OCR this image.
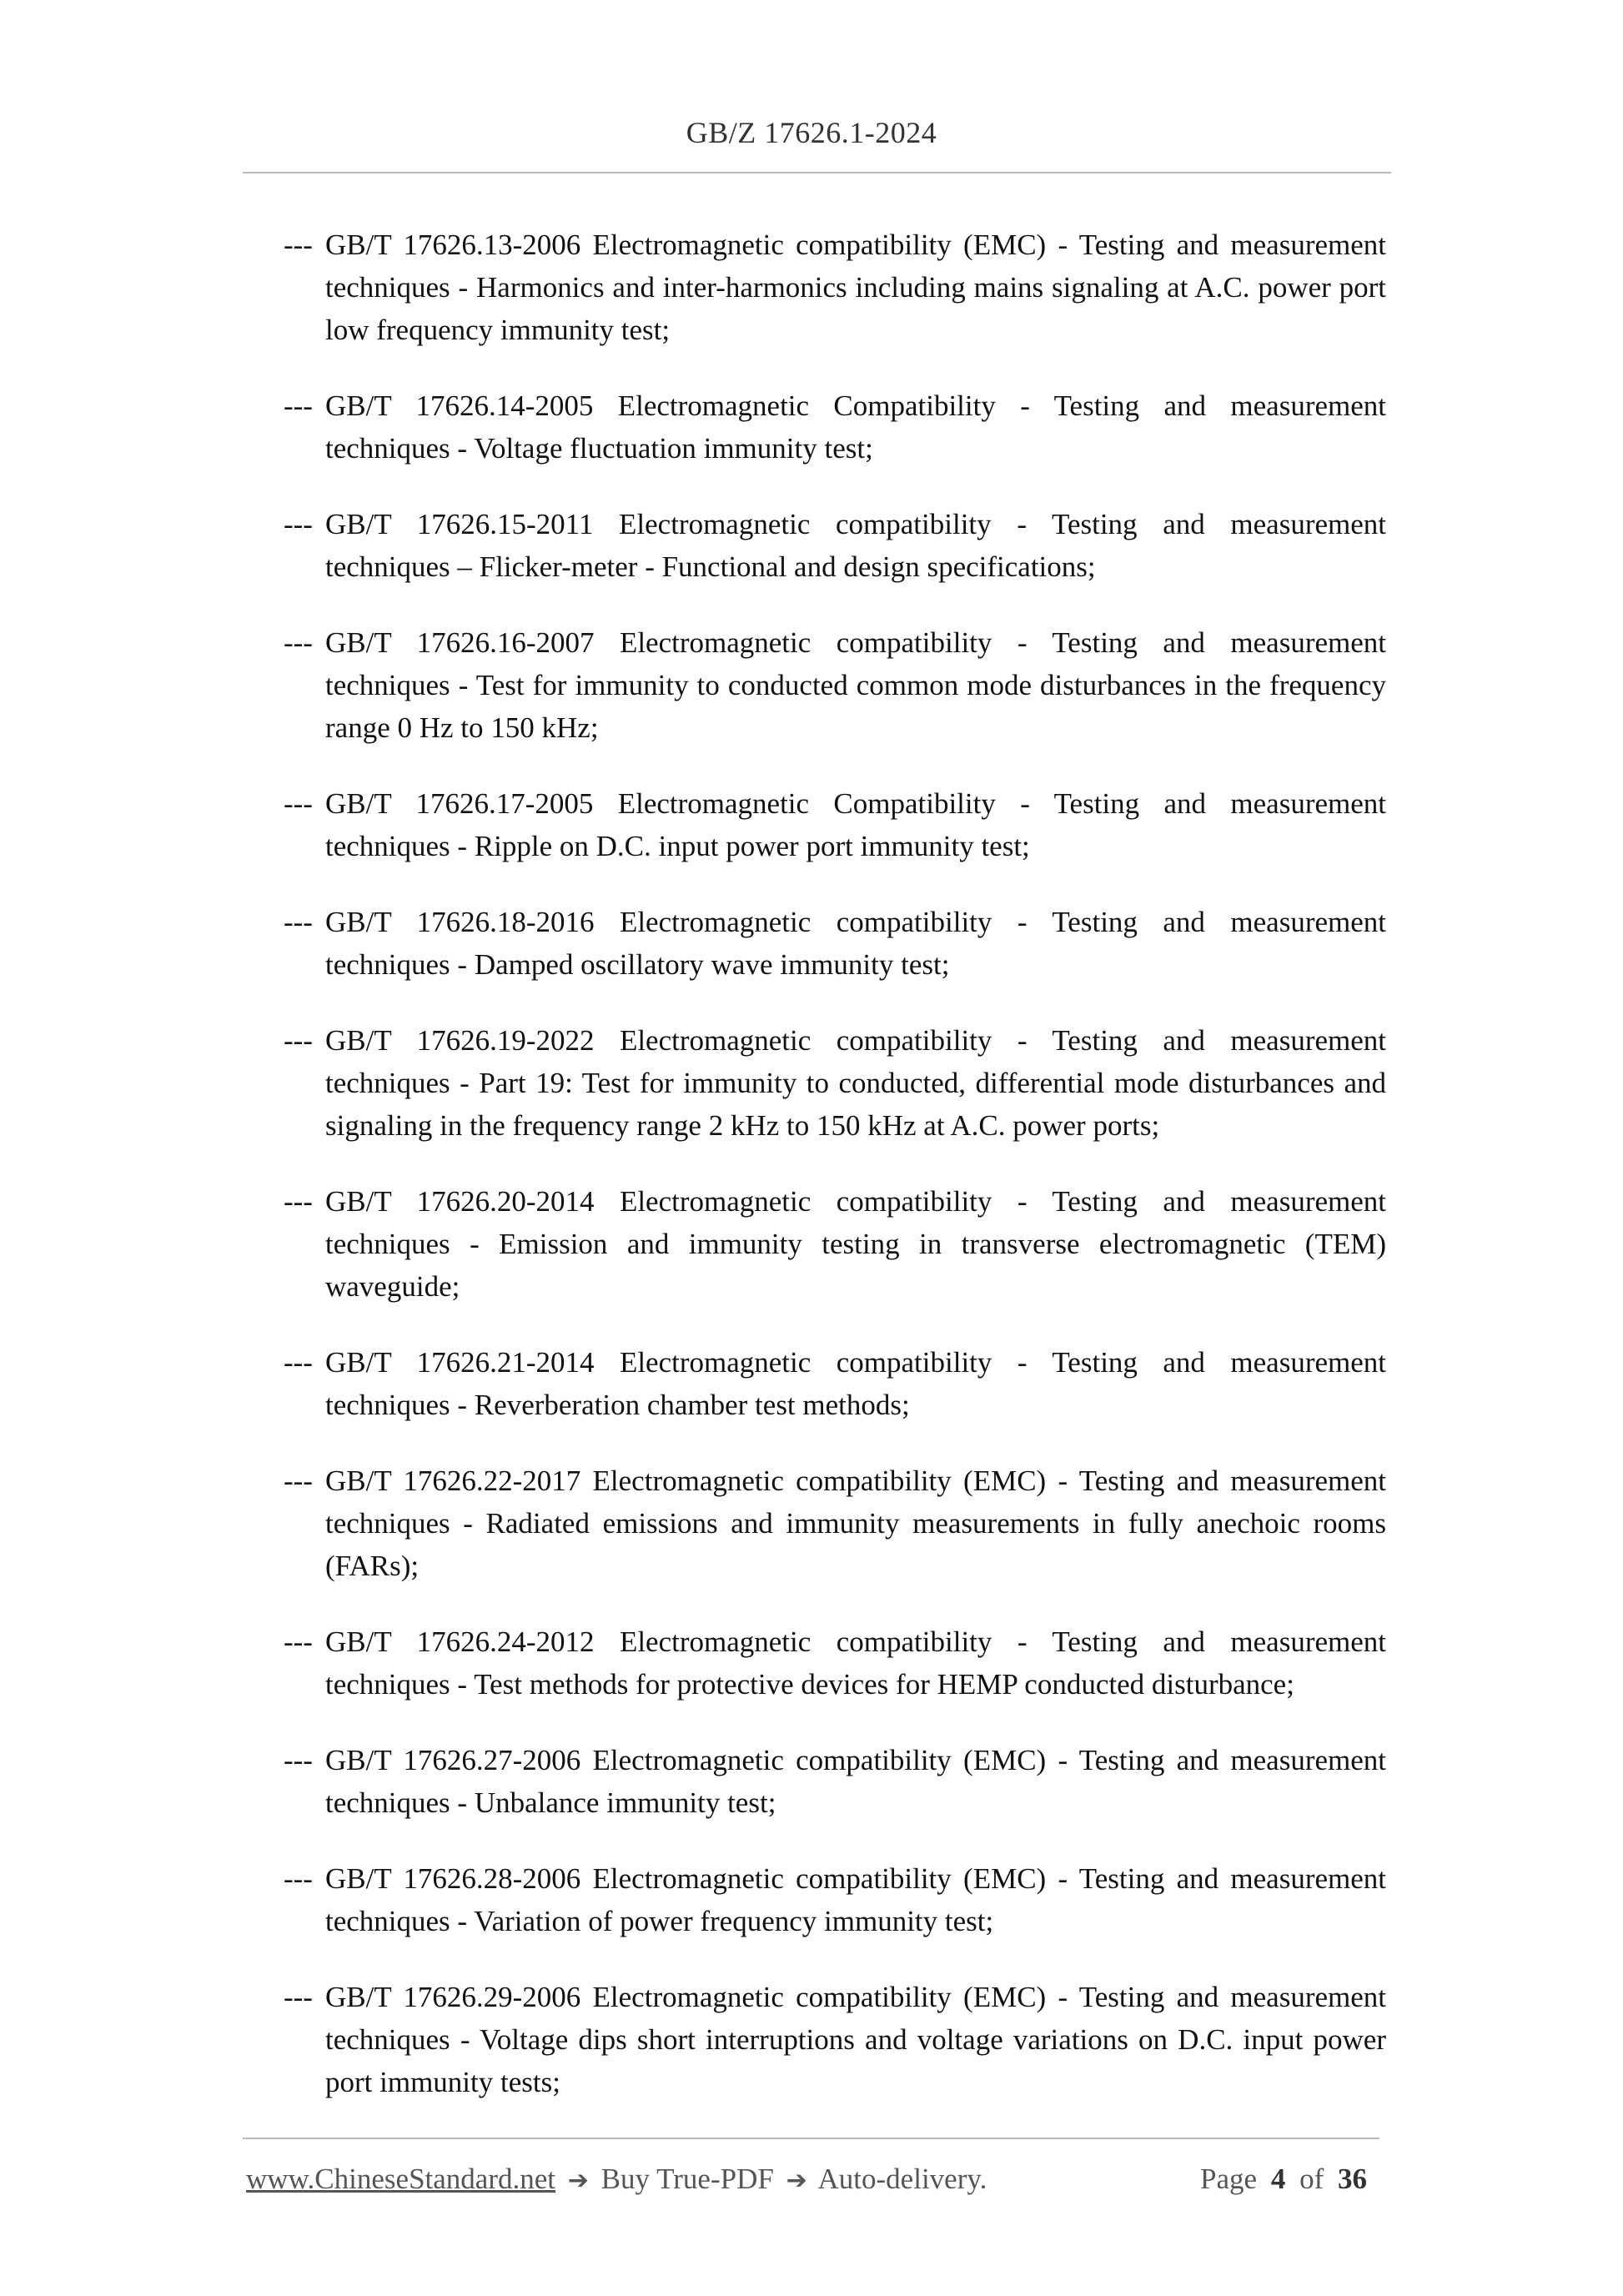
GB/Z 17626.1-2024
--- GB/T 17626.13-2006 Electromagnetic compatibility (EMC) - Testing and measurement techniques - Harmonics and inter-harmonics including mains signaling at A.C. power port low frequency immunity test;
--- GB/T 17626.14-2005 Electromagnetic Compatibility - Testing and measurement techniques - Voltage fluctuation immunity test;
--- GB/T 17626.15-2011 Electromagnetic compatibility - Testing and measurement techniques – Flicker-meter - Functional and design specifications;
--- GB/T 17626.16-2007 Electromagnetic compatibility - Testing and measurement techniques - Test for immunity to conducted common mode disturbances in the frequency range 0 Hz to 150 kHz;
--- GB/T 17626.17-2005 Electromagnetic Compatibility - Testing and measurement techniques - Ripple on D.C. input power port immunity test;
--- GB/T 17626.18-2016 Electromagnetic compatibility - Testing and measurement techniques - Damped oscillatory wave immunity test;
--- GB/T 17626.19-2022 Electromagnetic compatibility - Testing and measurement techniques - Part 19: Test for immunity to conducted, differential mode disturbances and signaling in the frequency range 2 kHz to 150 kHz at A.C. power ports;
--- GB/T 17626.20-2014 Electromagnetic compatibility - Testing and measurement techniques - Emission and immunity testing in transverse electromagnetic (TEM) waveguide;
--- GB/T 17626.21-2014 Electromagnetic compatibility - Testing and measurement techniques - Reverberation chamber test methods;
--- GB/T 17626.22-2017 Electromagnetic compatibility (EMC) - Testing and measurement techniques - Radiated emissions and immunity measurements in fully anechoic rooms (FARs);
--- GB/T 17626.24-2012 Electromagnetic compatibility - Testing and measurement techniques - Test methods for protective devices for HEMP conducted disturbance;
--- GB/T 17626.27-2006 Electromagnetic compatibility (EMC) - Testing and measurement techniques - Unbalance immunity test;
--- GB/T 17626.28-2006 Electromagnetic compatibility (EMC) - Testing and measurement techniques - Variation of power frequency immunity test;
--- GB/T 17626.29-2006 Electromagnetic compatibility (EMC) - Testing and measurement techniques - Voltage dips short interruptions and voltage variations on D.C. input power port immunity tests;
www.ChineseStandard.net ➔ Buy True-PDF ➔ Auto-delivery.	Page 4 of 36
